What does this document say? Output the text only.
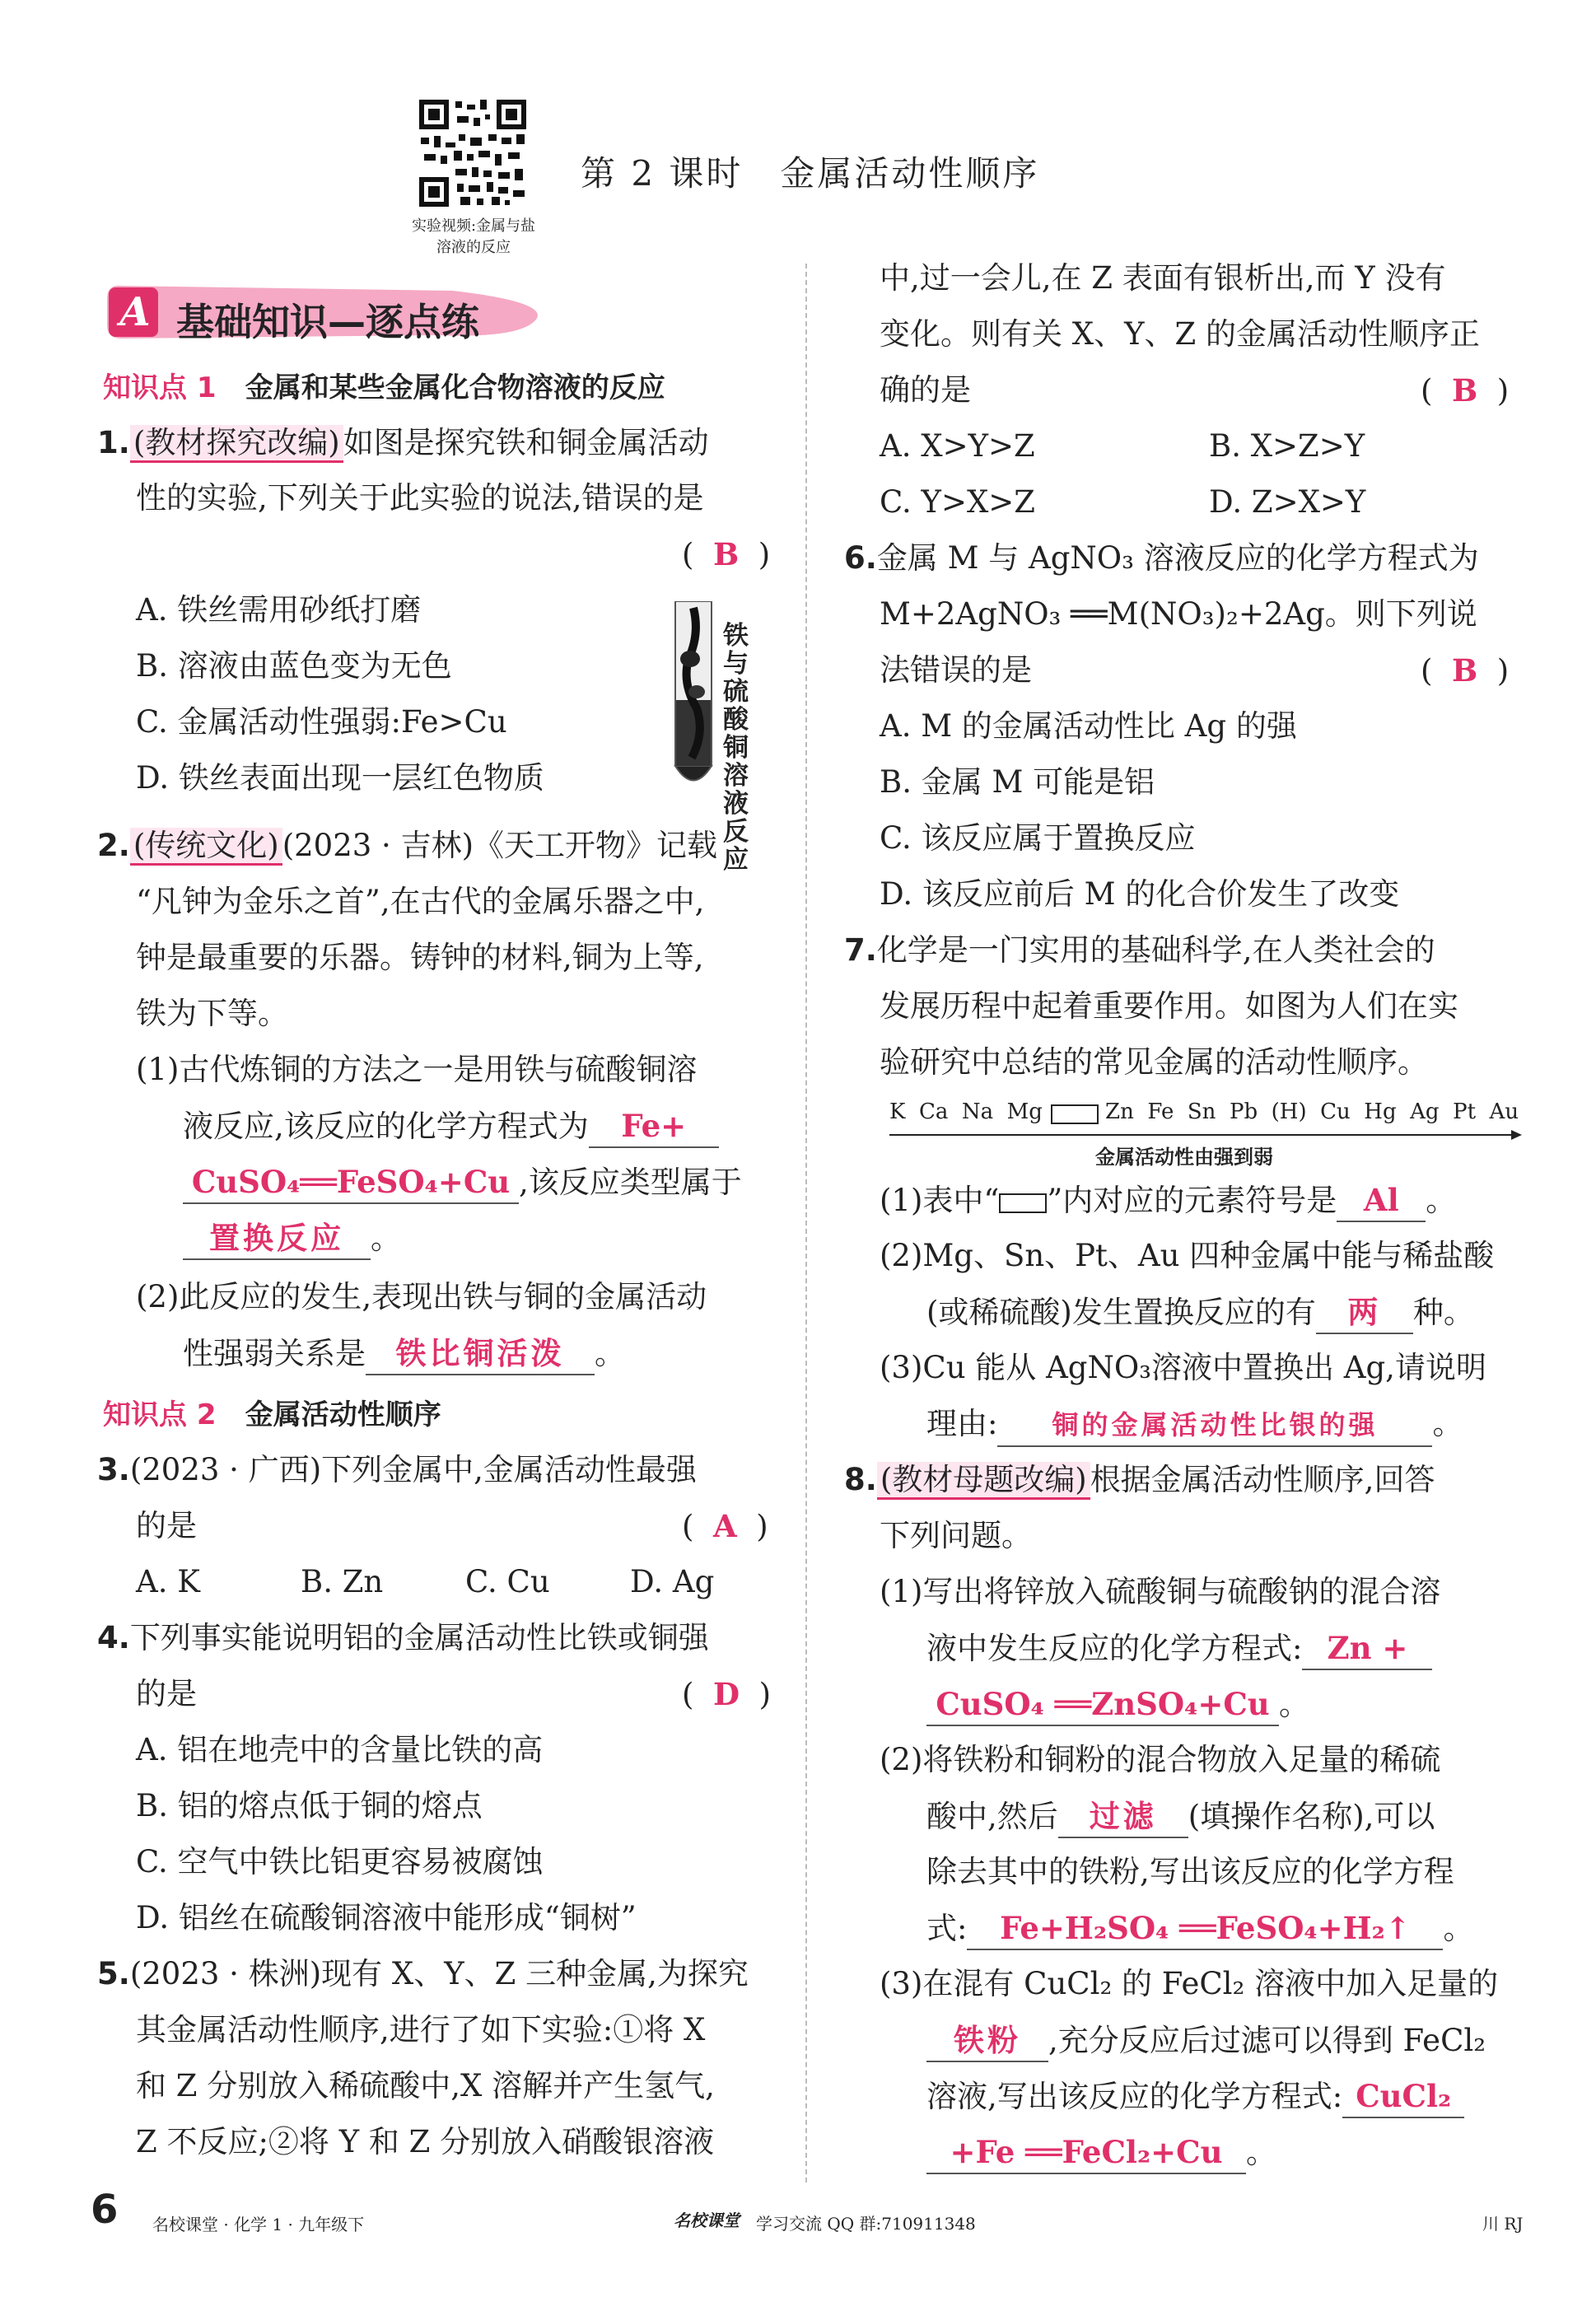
实验视频:金属与盐溶液的反应
第 2 课时　金属活动性顺序
A 基础知识—逐点练
知识点 1 金属和某些金属化合物溶液的反应
1. (教材探究改编) 如图是探究铁和铜金属活动
性的实验,下列关于此实验的说法,错误的是
(  B  )
A. 铁丝需用砂纸打磨
B. 溶液由蓝色变为无色
C. 金属活动性强弱:Fe>Cu
D. 铁丝表面出现一层红色物质
铁与硫酸铜溶液反应
2. (传统文化) (2023 · 吉林)《天工开物》记载
“凡钟为金乐之首”,在古代的金属乐器之中,
钟是最重要的乐器。铸钟的材料,铜为上等,
铁为下等。
(1)古代炼铜的方法之一是用铁与硫酸铜溶
液反应,该反应的化学方程式为 Fe+
CuSO₄══FeSO₄+Cu ,该反应类型属于
置换反应 。
(2)此反应的发生,表现出铁与铜的金属活动
性强弱关系是 铁比铜活泼 。
知识点 2 金属活动性顺序
3.(2023 · 广西)下列金属中,金属活动性最强
的是	(  A  )
A. K	B. Zn	C. Cu	D. Ag
4.下列事实能说明铝的金属活动性比铁或铜强
的是	(  D  )
A. 铝在地壳中的含量比铁的高
B. 铝的熔点低于铜的熔点
C. 空气中铁比铝更容易被腐蚀
D. 铝丝在硫酸铜溶液中能形成“铜树”
5.(2023 · 株洲)现有 X、Y、Z 三种金属,为探究
其金属活动性顺序,进行了如下实验:①将 X
和 Z 分别放入稀硫酸中,X 溶解并产生氢气,
Z 不反应;②将 Y 和 Z 分别放入硝酸银溶液
中,过一会儿,在 Z 表面有银析出,而 Y 没有
变化。则有关 X、Y、Z 的金属活动性顺序正
确的是	(  B  )
A. X>Y>Z	B. X>Z>Y
C. Y>X>Z	D. Z>X>Y
6.金属 M 与 AgNO₃ 溶液反应的化学方程式为
M+2AgNO₃ ══M(NO₃)₂+2Ag。则下列说
法错误的是	(  B  )
A. M 的金属活动性比 Ag 的强
B. 金属 M 可能是铝
C. 该反应属于置换反应
D. 该反应前后 M 的化合价发生了改变
7.化学是一门实用的基础科学,在人类社会的
发展历程中起着重要作用。如图为人们在实
验研究中总结的常见金属的活动性顺序。
K  Ca  Na  Mg	Zn  Fe  Sn  Pb  (H)  Cu  Hg  Ag  Pt  Au
金属活动性由强到弱
(1)表中“ ”内对应的元素符号是 Al 。
(2)Mg、Sn、Pt、Au 四种金属中能与稀盐酸
(或稀硫酸)发生置换反应的有 两 种。
(3)Cu 能从 AgNO₃溶液中置换出 Ag,请说明
理由: 铜的金属活动性比银的强 。
8. (教材母题改编) 根据金属活动性顺序,回答
下列问题。
(1)写出将锌放入硫酸铜与硫酸钠的混合溶
液中发生反应的化学方程式: Zn +
CuSO₄ ══ZnSO₄+Cu 。
(2)将铁粉和铜粉的混合物放入足量的稀硫
酸中,然后 过滤 (填操作名称),可以
除去其中的铁粉,写出该反应的化学方程
式: Fe+H₂SO₄ ══FeSO₄+H₂↑ 。
(3)在混有 CuCl₂ 的 FeCl₂ 溶液中加入足量的
铁粉 ,充分反应后过滤可以得到 FeCl₂
溶液,写出该反应的化学方程式: CuCl₂
+Fe ══FeCl₂+Cu 。
6 名校课堂 · 化学 1 · 九年级下	名校课堂 学习交流 QQ 群:710911348	川 RJ
